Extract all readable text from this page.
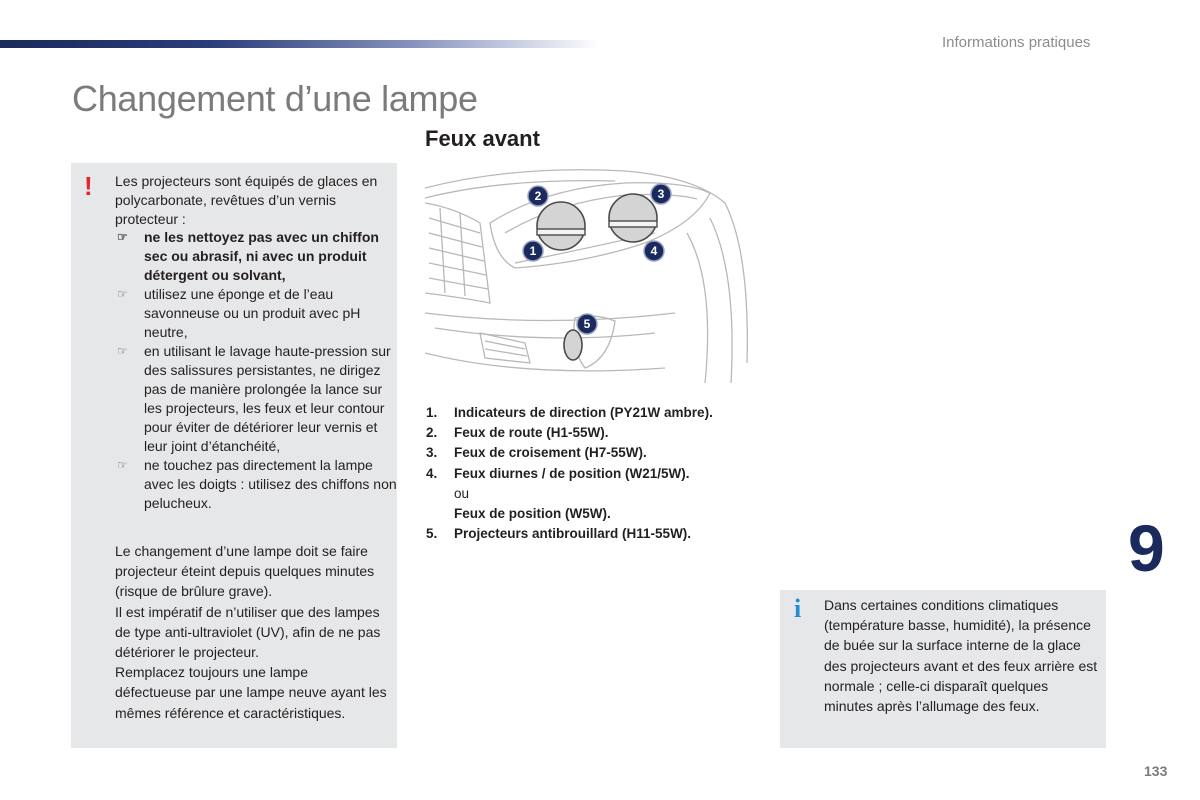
Informations pratiques
Changement d’une lampe
! Les projecteurs sont équipés de glaces en polycarbonate, revêtues d’un vernis protecteur :
☞ ne les nettoyez pas avec un chiffon sec ou abrasif, ni avec un produit détergent ou solvant,
☞ utilisez une éponge et de l’eau savonneuse ou un produit avec pH neutre,
☞ en utilisant le lavage haute-pression sur des salissures persistantes, ne dirigez pas de manière prolongée la lance sur les projecteurs, les feux et leur contour pour éviter de détériorer leur vernis et leur joint d’étanchéité,
☞ ne touchez pas directement la lampe avec les doigts : utilisez des chiffons non pelucheux.

Le changement d’une lampe doit se faire projecteur éteint depuis quelques minutes (risque de brûlure grave).

Il est impératif de n’utiliser que des lampes de type anti-ultraviolet (UV), afin de ne pas détériorer le projecteur.

Remplacez toujours une lampe défectueuse par une lampe neuve ayant les mêmes référence et caractéristiques.

Feux avant
1
2	3
4
5
1. Indicateurs de direction (PY21W ambre).
2. Feux de route (H1-55W).
3. Feux de croisement (H7-55W).
4. Feux diurnes / de position (W21/5W).
ou
Feux de position (W5W).
5. Projecteurs antibrouillard (H11-55W).	9
i Dans certaines conditions climatiques (température basse, humidité), la présence de buée sur la surface interne de la glace des projecteurs avant et des feux arrière est normale ; celle-ci disparaît quelques minutes après l’allumage des feux.
133
